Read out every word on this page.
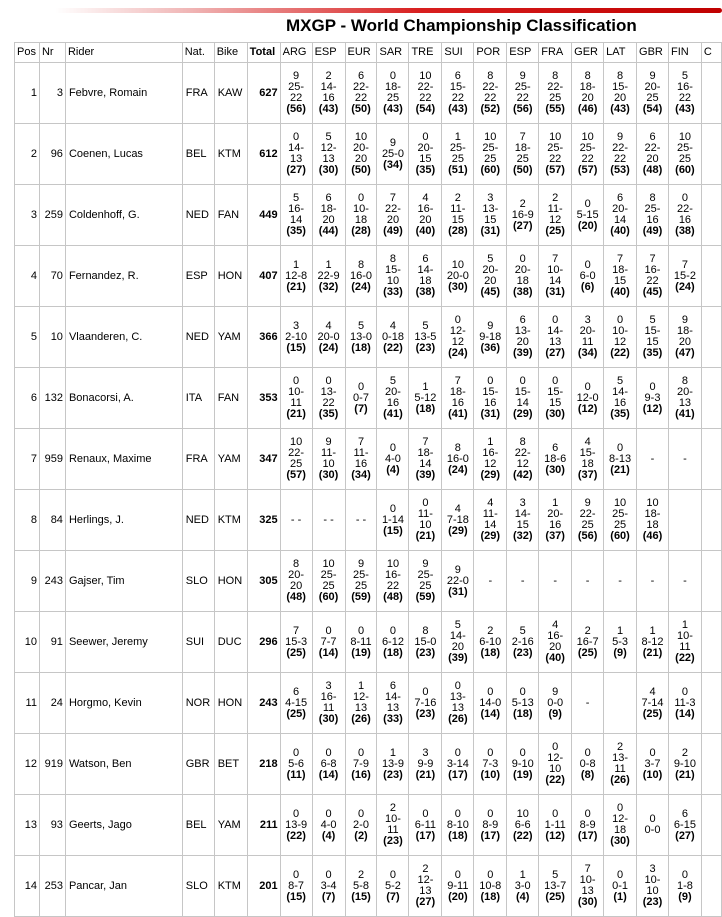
MXGP - World Championship Classification
Pos	Nr	Rider	Nat.	Bike	Total	ARG	ESP	EUR	SAR	TRE	SUI	POR	ESP	FRA	GER	LAT	GBR	FIN	C
1	3	Febvre, Romain	FRA	KAW	627	9
25-
22
(56)	2
14-
16
(43)	6
22-
22
(50)	0
18-
25
(43)	10
22-
22
(54)	6
15-
22
(43)	8
22-
22
(52)	9
25-
22
(56)	8
22-
25
(55)	8
18-
20
(46)	8
15-
20
(43)	9
20-
25
(54)	5
16-
22
(43)	

2	96	Coenen, Lucas	BEL	KTM	612	0
14-
13
(27)	5
12-
13
(30)	10
20-
20
(50)	9
25-0
(34)	0
20-
15
(35)	1
25-
25
(51)	10
25-
25
(60)	7
18-
25
(50)	10
25-
22
(57)	10
25-
22
(57)	9
22-
22
(53)	6
22-
20
(48)	10
25-
25
(60)	

3	259	Coldenhoff, G.	NED	FAN	449	5
16-
14
(35)	6
18-
20
(44)	0
10-
18
(28)	7
22-
20
(49)	4
16-
20
(40)	2
11-
15
(28)	3
13-
15
(31)	2
16-9
(27)	2
11-
12
(25)	0
5-15
(20)	6
20-
14
(40)	8
25-
16
(49)	0
22-
16
(38)	

4	70	Fernandez, R.	ESP	HON	407	1
12-8
(21)	1
22-9
(32)	8
16-0
(24)	8
15-
10
(33)	6
14-
18
(38)	10
20-0
(30)	5
20-
20
(45)	0
20-
18
(38)	7
10-
14
(31)	0
6-0
(6)	7
18-
15
(40)	7
16-
22
(45)	7
15-2
(24)	

5	10	Vlaanderen, C.	NED	YAM	366	3
2-10
(15)	4
20-0
(24)	5
13-0
(18)	4
0-18
(22)	5
13-5
(23)	0
12-
12
(24)	9
9-18
(36)	6
13-
20
(39)	0
14-
13
(27)	3
20-
11
(34)	0
10-
12
(22)	5
15-
15
(35)	9
18-
20
(47)	

6	132	Bonacorsi, A.	ITA	FAN	353	0
10-
11
(21)	0
13-
22
(35)	0
0-7
(7)	5
20-
16
(41)	1
5-12
(18)	7
18-
16
(41)	0
15-
16
(31)	0
15-
14
(29)	0
15-
15
(30)	0
12-0
(12)	5
14-
16
(35)	0
9-3
(12)	8
20-
13
(41)	

7	959	Renaux, Maxime	FRA	YAM	347	10
22-
25
(57)	9
11-
10
(30)	7
11-
16
(34)	0
4-0
(4)	7
18-
14
(39)	8
16-0
(24)	1
16-
12
(29)	8
22-
12
(42)	6
18-6
(30)	4
15-
18
(37)	0
8-13
(21)	-	-	

8	84	Herlings, J.	NED	KTM	325	- -	- -	- -	0
1-14
(15)	0
11-
10
(21)	4
7-18
(29)	4
11-
14
(29)	3
14-
15
(32)	1
20-
16
(37)	9
22-
25
(56)	10
25-
25
(60)	10
18-
18
(46)		

9	243	Gajser, Tim	SLO	HON	305	8
20-
20
(48)	10
25-
25
(60)	9
25-
25
(59)	10
16-
22
(48)	9
25-
25
(59)	9
22-0
(31)	-	-	-	-	-	-	-	

10	91	Seewer, Jeremy	SUI	DUC	296	7
15-3
(25)	0
7-7
(14)	0
8-11
(19)	0
6-12
(18)	8
15-0
(23)	5
14-
20
(39)	2
6-10
(18)	5
2-16
(23)	4
16-
20
(40)	2
16-7
(25)	1
5-3
(9)	1
8-12
(21)	1
10-
11
(22)	

11	24	Horgmo, Kevin	NOR	HON	243	6
4-15
(25)	3
16-
11
(30)	1
12-
13
(26)	6
14-
13
(33)	0
7-16
(23)	0
13-
13
(26)	0
14-0
(14)	0
5-13
(18)	9
0-0
(9)	-		4
7-14
(25)	0
11-3
(14)	

12	919	Watson, Ben	GBR	BET	218	0
5-6
(11)	0
6-8
(14)	0
7-9
(16)	1
13-9
(23)	3
9-9
(21)	0
3-14
(17)	0
7-3
(10)	0
9-10
(19)	0
12-
10
(22)	0
0-8
(8)	2
13-
11
(26)	0
3-7
(10)	2
9-10
(21)	

13	93	Geerts, Jago	BEL	YAM	211	0
13-9
(22)	0
4-0
(4)	0
2-0
(2)	2
10-
11
(23)	0
6-11
(17)	0
8-10
(18)	0
8-9
(17)	10
6-6
(22)	0
1-11
(12)	0
8-9
(17)	0
12-
18
(30)	0
0-0	6
6-15
(27)	

14	253	Pancar, Jan	SLO	KTM	201	0
8-7
(15)	0
3-4
(7)	2
5-8
(15)	0
5-2
(7)	2
12-
13
(27)	0
9-11
(20)	0
10-8
(18)	1
3-0
(4)	5
13-7
(25)	7
10-
13
(30)	0
0-1
(1)	3
10-
10
(23)	0
1-8
(9)	
